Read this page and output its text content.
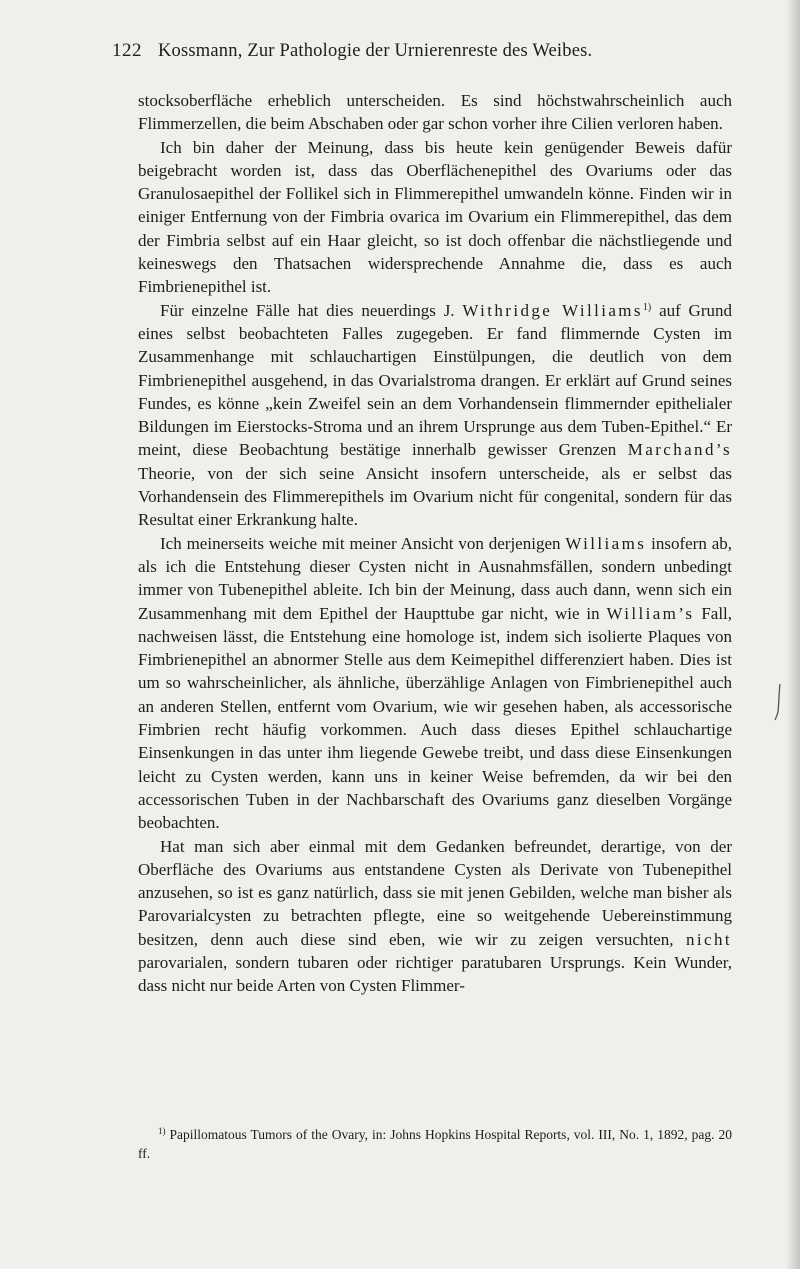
122 Kossmann, Zur Pathologie der Urnierenreste des Weibes.

stocksoberfläche erheblich unterscheiden. Es sind höchstwahrscheinlich auch Flimmerzellen, die beim Abschaben oder gar schon vorher ihre Cilien verloren haben.

Ich bin daher der Meinung, dass bis heute kein genügender Beweis dafür beigebracht worden ist, dass das Oberflächenepithel des Ovariums oder das Granulosaepithel der Follikel sich in Flimmerepithel umwandeln könne. Finden wir in einiger Entfernung von der Fimbria ovarica im Ovarium ein Flimmerepithel, das dem der Fimbria selbst auf ein Haar gleicht, so ist doch offenbar die nächstliegende und keineswegs den Thatsachen widersprechende Annahme die, dass es auch Fimbrienepithel ist.

Für einzelne Fälle hat dies neuerdings J. Withridge Williams$^{1)}$ auf Grund eines selbst beobachteten Falles zugegeben. Er fand flimmernde Cysten im Zusammenhange mit schlauchartigen Einstülpungen, die deutlich von dem Fimbrienepithel ausgehend, in das Ovarialstroma drangen. Er erklärt auf Grund seines Fundes, es könne „kein Zweifel sein an dem Vorhandensein flimmernder epithelialer Bildungen im Eierstocks-Stroma und an ihrem Ursprunge aus dem Tuben-Epithel.“ Er meint, diese Beobachtung bestätige innerhalb gewisser Grenzen Marchand’s Theorie, von der sich seine Ansicht insofern unterscheide, als er selbst das Vorhandensein des Flimmerepithels im Ovarium nicht für congenital, sondern für das Resultat einer Erkrankung halte.

Ich meinerseits weiche mit meiner Ansicht von derjenigen Williams insofern ab, als ich die Entstehung dieser Cysten nicht in Ausnahmsfällen, sondern unbedingt immer von Tubenepithel ableite. Ich bin der Meinung, dass auch dann, wenn sich ein Zusammenhang mit dem Epithel der Haupttube gar nicht, wie in William’s Fall, nachweisen lässt, die Entstehung eine homologe ist, indem sich isolierte Plaques von Fimbrienepithel an abnormer Stelle aus dem Keimepithel differenziert haben. Dies ist um so wahrscheinlicher, als ähnliche, überzählige Anlagen von Fimbrienepithel auch an anderen Stellen, entfernt vom Ovarium, wie wir gesehen haben, als accessorische Fimbrien recht häufig vorkommen. Auch dass dieses Epithel schlauchartige Einsenkungen in das unter ihm liegende Gewebe treibt, und dass diese Einsenkungen leicht zu Cysten werden, kann uns in keiner Weise befremden, da wir bei den accessorischen Tuben in der Nachbarschaft des Ovariums ganz dieselben Vorgänge beobachten.

Hat man sich aber einmal mit dem Gedanken befreundet, derartige, von der Oberfläche des Ovariums aus entstandene Cysten als Derivate von Tubenepithel anzusehen, so ist es ganz natürlich, dass sie mit jenen Gebilden, welche man bisher als Parovarialcysten zu betrachten pflegte, eine so weitgehende Uebereinstimmung besitzen, denn auch diese sind eben, wie wir zu zeigen versuchten, nicht parovarialen, sondern tubaren oder richtiger paratubaren Ursprungs. Kein Wunder, dass nicht nur beide Arten von Cysten Flimmer-

$^{1)}$ Papillomatous Tumors of the Ovary, in: Johns Hopkins Hospital Reports, vol. III, No. 1, 1892, pag. 20 ff.
